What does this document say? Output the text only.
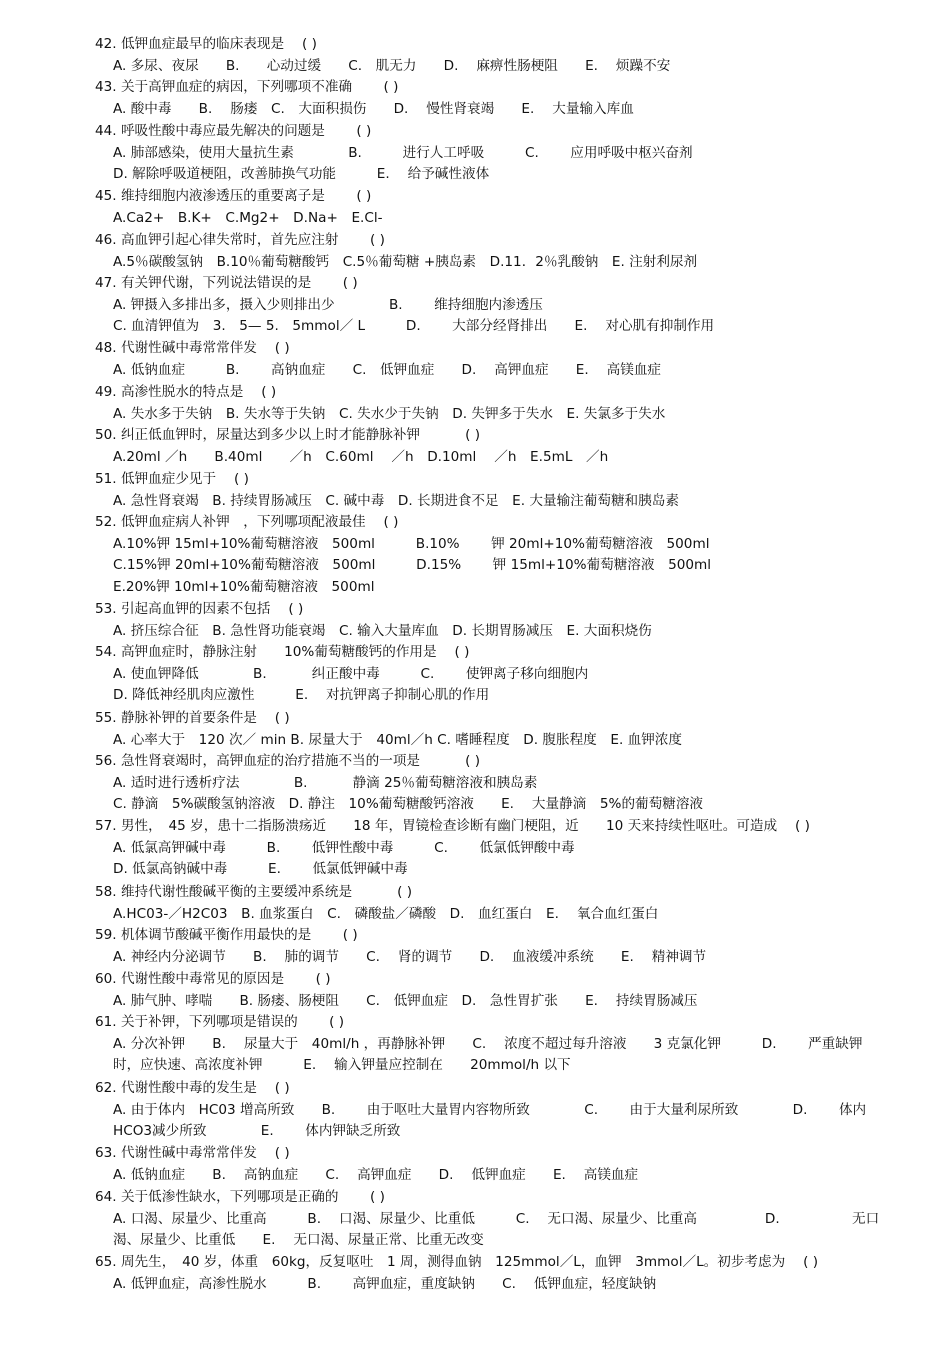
42. 低钾血症最早的临床表现是　 ( )
A. 多尿、夜尿　　B.　　心动过缓　　C.　肌无力　　D.　 麻痹性肠梗阻　　E.　 烦躁不安
43. 关于高钾血症的病因，下列哪项不准确　　 ( )
A. 酸中毒　　B.　 肠瘘　C.　大面积损伤　　D.　 慢性肾衰竭　　E.　 大量输入库血
44. 呼吸性酸中毒应最先解决的问题是　　 ( )
A. 肺部感染，使用大量抗生素　　　　B.　　　进行人工呼吸　　　C.　　 应用呼吸中枢兴奋剂
D. 解除呼吸道梗阻，改善肺换气功能　　　E.　 给予碱性液体
45. 维持细胞内液渗透压的重要离子是　　 ( )
A.Ca2+　B.K+　C.Mg2+　D.Na+　E.Cl-
46. 高血钾引起心律失常时，首先应注射　　 ( )
A.5％碳酸氢钠　B.10％葡萄糖酸钙　C.5％葡萄糖 +胰岛素　D.11．2％乳酸钠　E. 注射利尿剂
47. 有关钾代谢，下列说法错误的是　　 ( )
A. 钾摄入多排出多，摄入少则排出少　　　　B.　　 维持细胞内渗透压
C. 血清钾值为　3.　5— 5.　5mmol／ L　　　D.　　 大部分经肾排出　　E.　 对心肌有抑制作用
48. 代谢性碱中毒常常伴发　 ( )
A. 低钠血症　　　B.　　 高钠血症　　C.　低钾血症　　D.　 高钾血症　　E.　 高镁血症
49. 高渗性脱水的特点是　 ( )
A. 失水多于失钠　B. 失水等于失钠　C. 失水少于失钠　D. 失钾多于失水　E. 失氯多于失水
50. 纠正低血钾时，尿量达到多少以上时才能静脉补钾　　　 ( )
A.20ml ／h　　B.40ml　　／h　C.60ml　 ／h　D.10ml　 ／h　E.5mL　／h
51. 低钾血症少见于　 ( )
A. 急性肾衰竭　B. 持续胃肠减压　C. 碱中毒　D. 长期进食不足　E. 大量输注葡萄糖和胰岛素
52. 低钾血症病人补钾　，下列哪项配液最佳　 ( )
A.10%钾 15ml+10%葡萄糖溶液　500ml　　　B.10%　　 钾 20ml+10%葡萄糖溶液　500ml
C.15%钾 20ml+10%葡萄糖溶液　500ml　　　D.15%　　 钾 15ml+10%葡萄糖溶液　500ml
E.20%钾 10ml+10%葡萄糖溶液　500ml
53. 引起高血钾的因素不包括　 ( )
A. 挤压综合征　B. 急性肾功能衰竭　C. 输入大量库血　D. 长期胃肠减压　E. 大面积烧伤
54. 高钾血症时，静脉注射　　10%葡萄糖酸钙的作用是　 ( )
A. 使血钾降低　　　　B.　　　 纠正酸中毒　　　C.　　 使钾离子移向细胞内
D. 降低神经肌肉应激性　　　E.　 对抗钾离子抑制心肌的作用
55. 静脉补钾的首要条件是　 ( )
A. 心率大于　120 次／ min B. 尿量大于　40ml／h C. 嗜睡程度　D. 腹胀程度　E. 血钾浓度
56. 急性肾衰竭时，高钾血症的治疗措施不当的一项是　　　 ( )
A. 适时进行透析疗法　　　　B.　　　 静滴 25％葡萄糖溶液和胰岛素
C. 静滴　5%碳酸氢钠溶液　D. 静注　10%葡萄糖酸钙溶液　　E.　 大量静滴　5%的葡萄糖溶液
57. 男性，　45 岁，患十二指肠溃疡近　　18 年，胃镜检查诊断有幽门梗阻，近　　10 天来持续性呕吐。可造成　 ( )
A. 低氯高钾碱中毒　　　B.　　 低钾性酸中毒　　　C.　　 低氯低钾酸中毒
D. 低氯高钠碱中毒　　　E.　　 低氯低钾碱中毒
58. 维持代谢性酸碱平衡的主要缓冲系统是　　　 ( )
A.HC03-／H2C03　B. 血浆蛋白　C.　磷酸盐／磷酸　D.　血红蛋白　E.　 氧合血红蛋白
59. 机体调节酸碱平衡作用最快的是　　 ( )
A. 神经内分泌调节　　B.　 肺的调节　　C.　 肾的调节　　D.　 血液缓冲系统　　E.　 精神调节
60. 代谢性酸中毒常见的原因是　　 ( )
A. 肺气肿、哮喘　　B. 肠瘘、肠梗阻　　C.　低钾血症　D.　急性胃扩张　　E.　 持续胃肠减压
61. 关于补钾，下列哪项是错误的　　 ( )
A. 分次补钾　　B.　 尿量大于　40ml/h ，再静脉补钾　　C.　 浓度不超过每升溶液　　3 克氯化钾　　　D.　　 严重缺钾时，应快速、高浓度补钾　　　E.　 输入钾量应控制在　　20mmol/h 以下
62. 代谢性酸中毒的发生是　 ( )
A. 由于体内　HC03 增高所致　　B.　　 由于呕吐大量胃内容物所致　　　　C.　　 由于大量利尿所致　　　　D.　　 体内 HCO3减少所致　　　　E.　　 体内钾缺乏所致
63. 代谢性碱中毒常常伴发　 ( )
A. 低钠血症　　B.　 高钠血症　　C.　 高钾血症　　D.　 低钾血症　　E.　 高镁血症
64. 关于低渗性缺水，下列哪项是正确的　　 ( )
A. 口渴、尿量少、比重高　　　B.　 口渴、尿量少、比重低　　　C.　 无口渴、尿量少、比重高　　　　　D.　　　　　 无口渴、尿量少、比重低　　E.　 无口渴、尿量正常、比重无改变
65. 周先生，　40 岁，体重　60kg，反复呕吐　1 周，测得血钠　125mmol／L，血钾　3mmol／L。初步考虑为　 ( )
A. 低钾血症，高渗性脱水　　　B.　　 高钾血症，重度缺钠　　C.　 低钾血症，轻度缺钠
